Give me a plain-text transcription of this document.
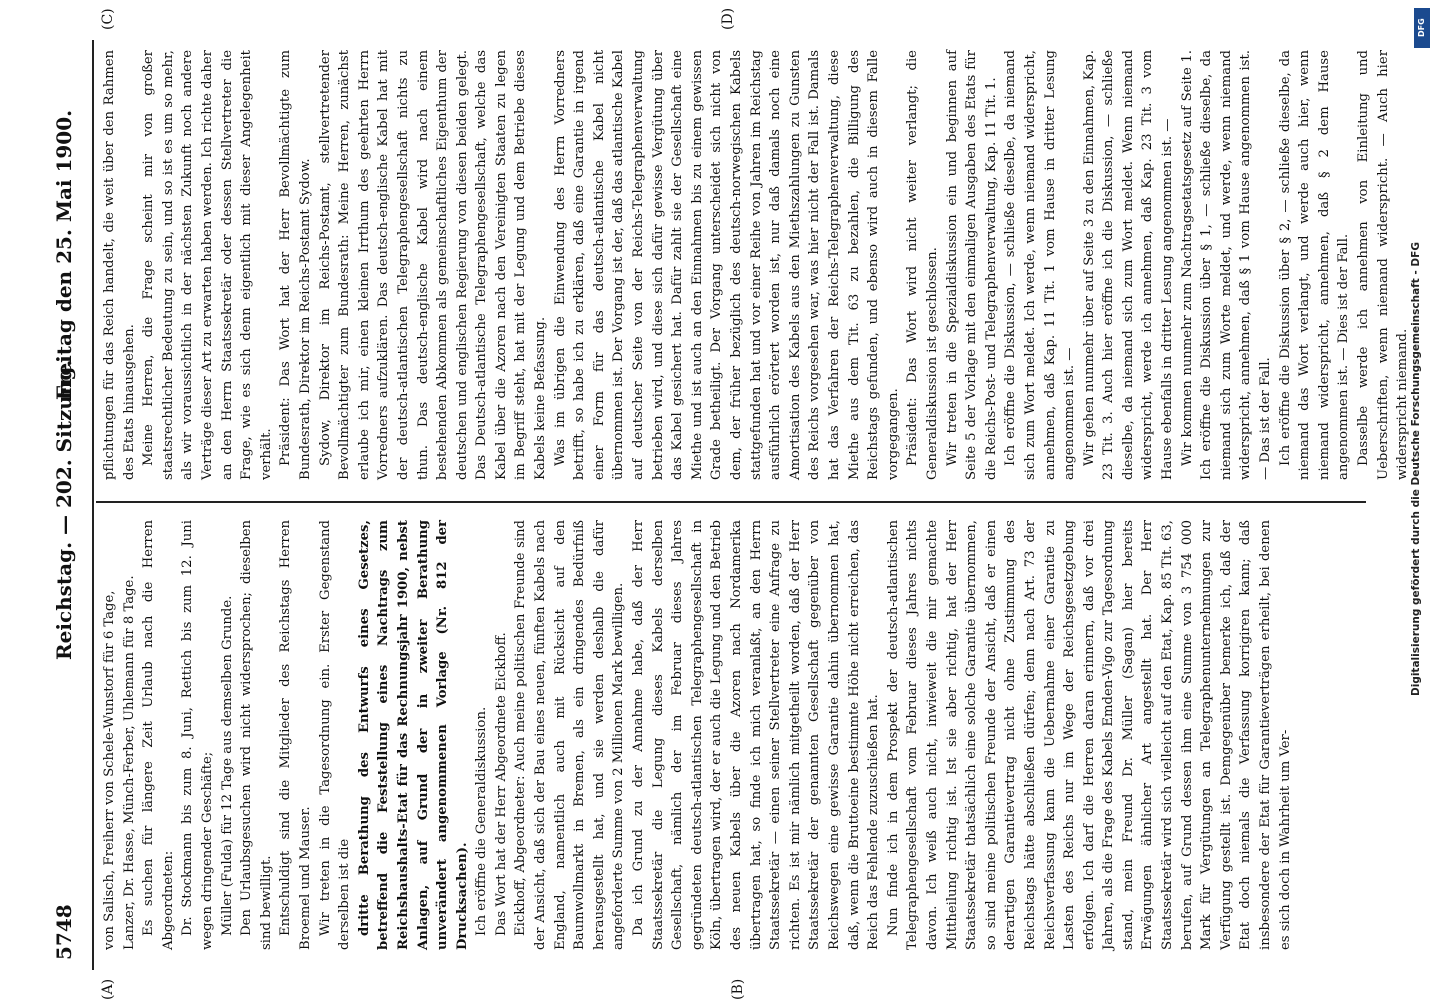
Digitalisierung gefördert durch die Deutsche Forschungsgemeinschaft - DFG
5748
Reichstag. — 202. Sitzung.
Freitag den 25. Mai 1900.
(A)	(B)
(C)	(D)

von Salisch, Freiherr von Schele-Wunstorf für 6 Tage, Lanzer, Dr. Hasse, Münch-Ferber, Uhlemann für 8 Tage. Es suchen für längere Zeit Urlaub nach die Herren Abgeordneten: Dr. Stockmann bis zum 8. Juni, Rettich bis zum 12. Juni wegen dringender Geschäfte; Müller (Fulda) für 12 Tage aus demselben Grunde. Den Urlaubsgesuchen wird nicht widersprochen; dieselben sind bewilligt. Entschuldigt sind die Mitglieder des Reichstags Herren Broemel und Mauser. Wir treten in die Tagesordnung ein. Erster Gegenstand derselben ist die dritte Berathung des Entwurfs eines Gesetzes, betreffend die Feststellung eines Nachtrags zum Reichshaushalts-Etat für das Rechnungsjahr 1900, nebst Anlagen, auf Grund der in zweiter Berathung unverändert angenommenen Vorlage (Nr. 812 der Drucksachen). Ich eröffne die Generaldiskussion. Das Wort hat der Herr Abgeordnete Eickhoff. Eickhoff, Abgeordneter: Auch meine politischen Freunde sind der Ansicht, daß sich der Bau eines neuen, fünften Kabels nach England, namentlich auch mit Rücksicht auf den Baumwollmarkt in Bremen, als ein dringendes Bedürfniß herausgestellt hat, und sie werden deshalb die dafür angeforderte Summe von 2 Millionen Mark bewilligen. Da ich Grund zu der Annahme habe, daß der Herr Staatssekretär die Legung dieses Kabels derselben Gesellschaft, nämlich der im Februar dieses Jahres gegründeten deutsch-atlantischen Telegraphengesellschaft in Köln, übertragen wird, der er auch die Legung und den Betrieb des neuen Kabels über die Azoren nach Nordamerika übertragen hat, so finde ich mich veranlaßt, an den Herrn Staatssekretär — einen seiner Stellvertreter eine Anfrage zu richten. Es ist mir nämlich mitgetheilt worden, daß der Herr Staatssekretär der genannten Gesellschaft gegenüber von Reichswegen eine gewisse Garantie dahin übernommen hat, daß, wenn die Bruttoeine bestimmte Höhe nicht erreichen, das Reich das Fehlende zuzuschießen hat. Nun finde ich in dem Prospekt der deutsch-atlantischen Telegraphengesellschaft vom Februar dieses Jahres nichts davon. Ich weiß auch nicht, inwieweit die mir gemachte Mittheilung richtig ist. Ist sie aber richtig, hat der Herr Staatssekretär thatsächlich eine solche Garantie übernommen, so sind meine politischen Freunde der Ansicht, daß er einen derartigen Garantievertrag nicht ohne Zustimmung des Reichstags hätte abschließen dürfen; denn nach Art. 73 der Reichsverfassung kann die Uebernahme einer Garantie zu Lasten des Reichs nur im Wege der Reichsgesetzgebung erfolgen. Ich darf die Herren daran erinnern, daß vor drei Jahren, als die Frage des Kabels Emden-Vigo zur Tagesordnung stand, mein Freund Dr. Müller (Sagan) hier bereits Erwägungen ähnlicher Art angestellt hat. Der Herr Staatssekretär wird sich vielleicht auf den Etat, Kap. 85 Tit. 63, berufen, auf Grund dessen ihm eine Summe von 3 754 000 Mark für Vergütungen an Telegraphenunternehmungen zur Verfügung gestellt ist. Demgegenüber bemerke ich, daß der Etat doch niemals die Verfassung korrigiren kann; daß insbesondere der Etat für Garantieverträgen erheilt, bei denen es sich doch in Wahrheit um Ver-

pflichtungen für das Reich handelt, die weit über den Rahmen des Etats hinausgehen. Meine Herren, die Frage scheint mir von großer staatsrechtlicher Bedeutung zu sein, und so ist es um so mehr, als wir voraussichtlich in der nächsten Zukunft noch andere Verträge dieser Art zu erwarten haben werden. Ich richte daher an den Herrn Staatssekretär oder dessen Stellvertreter die Frage, wie es sich denn eigentlich mit dieser Angelegenheit verhält. Präsident: Das Wort hat der Herr Bevollmächtigte zum Bundesrath, Direktor im Reichs-Postamt Sydow. Sydow, Direktor im Reichs-Postamt, stellvertretender Bevollmächtigter zum Bundesrath: Meine Herren, zunächst erlaube ich mir, einen kleinen Irrthum des geehrten Herrn Vorredners aufzuklären. Das deutsch-englische Kabel hat mit der deutsch-atlantischen Telegraphengesellschaft nichts zu thun. Das deutsch-englische Kabel wird nach einem bestehenden Abkommen als gemeinschaftliches Eigenthum der deutschen und englischen Regierung von diesen beiden gelegt. Das Deutsch-atlantische Telegraphengesellschaft, welche das Kabel über die Azoren nach den Vereinigten Staaten zu legen im Begriff steht, hat mit der Legung und dem Betriebe dieses Kabels keine Befassung. Was im übrigen die Einwendung des Herrn Vorredners betrifft, so habe ich zu erklären, daß eine Garantie in irgend einer Form für das deutsch-atlantische Kabel nicht übernommen ist. Der Vorgang ist der, daß das atlantische Kabel auf deutscher Seite von der Reichs-Telegraphenverwaltung betrieben wird, und diese sich dafür gewisse Vergütung über das Kabel gesichert hat. Dafür zahlt sie der Gesellschaft eine Miethe und ist auch an den Einnahmen bis zu einem gewissen Grade betheiligt. Der Vorgang unterscheidet sich nicht von dem, der früher bezüglich des deutsch-norwegischen Kabels stattgefunden hat und vor einer Reihe von Jahren im Reichstag ausführlich erörtert worden ist, nur daß damals noch eine Amortisation des Kabels aus den Miethszahlungen zu Gunsten des Reichs vorgesehen war, was hier nicht der Fall ist. Damals hat das Verfahren der Reichs-Telegraphenverwaltung, diese Miethe aus dem Tit. 63 zu bezahlen, die Billigung des Reichstags gefunden, und ebenso wird auch in diesem Falle vorgegangen. Präsident: Das Wort wird nicht weiter verlangt; die Generaldiskussion ist geschlossen. Wir treten in die Spezialdiskussion ein und beginnen auf Seite 5 der Vorlage mit den einmaligen Ausgaben des Etats für die Reichs-Post- und Telegraphenverwaltung, Kap. 11 Tit. 1. Ich eröffne die Diskussion, — schließe dieselbe, da niemand sich zum Wort meldet. Ich werde, wenn niemand widerspricht, annehmen, daß Kap. 11 Tit. 1 vom Hause in dritter Lesung angenommen ist. — Wir gehen nunmehr über auf Seite 3 zu den Einnahmen, Kap. 23 Tit. 3. Auch hier eröffne ich die Diskussion, — schließe dieselbe, da niemand sich zum Wort meldet. Wenn niemand widerspricht, werde ich annehmen, daß Kap. 23 Tit. 3 vom Hause ebenfalls in dritter Lesung angenommen ist. — Wir kommen nunmehr zum Nachtragsetatsgesetz auf Seite 1. Ich eröffne die Diskussion über § 1, — schließe dieselbe, da niemand sich zum Worte meldet, und werde, wenn niemand widerspricht, annehmen, daß § 1 vom Hause angenommen ist. — Das ist der Fall. Ich eröffne die Diskussion über § 2, — schließe dieselbe, da niemand das Wort verlangt, und werde auch hier, wenn niemand widerspricht, annehmen, daß § 2 dem Hause angenommen ist. — Dies ist der Fall. Dasselbe werde ich annehmen von Einleitung und Ueberschriften, wenn niemand widerspricht. — Auch hier widerspricht niemand.

DFG
